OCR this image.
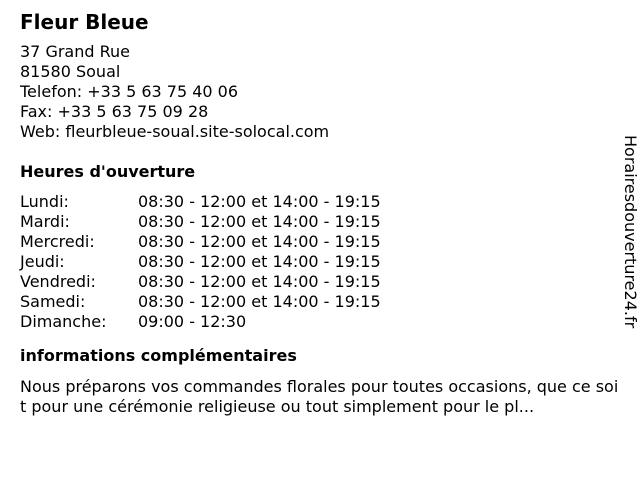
Fleur Bleue
37 Grand Rue
81580 Soual
Telefon: +33 5 63 75 40 06
Fax: +33 5 63 75 09 28
Web: fleurbleue-soual.site-solocal.com
Heures d'ouverture
Lundi:	08:30 - 12:00 et 14:00 - 19:15
Mardi:	08:30 - 12:00 et 14:00 - 19:15
Mercredi:	08:30 - 12:00 et 14:00 - 19:15
Jeudi:	08:30 - 12:00 et 14:00 - 19:15
Vendredi:	08:30 - 12:00 et 14:00 - 19:15
Samedi:	08:30 - 12:00 et 14:00 - 19:15
Dimanche:	09:00 - 12:30
informations complémentaires
Nous préparons vos commandes florales pour toutes occasions, que ce soit pour une cérémonie religieuse ou tout simplement pour le pl...
Horairesdouverture24.fr
